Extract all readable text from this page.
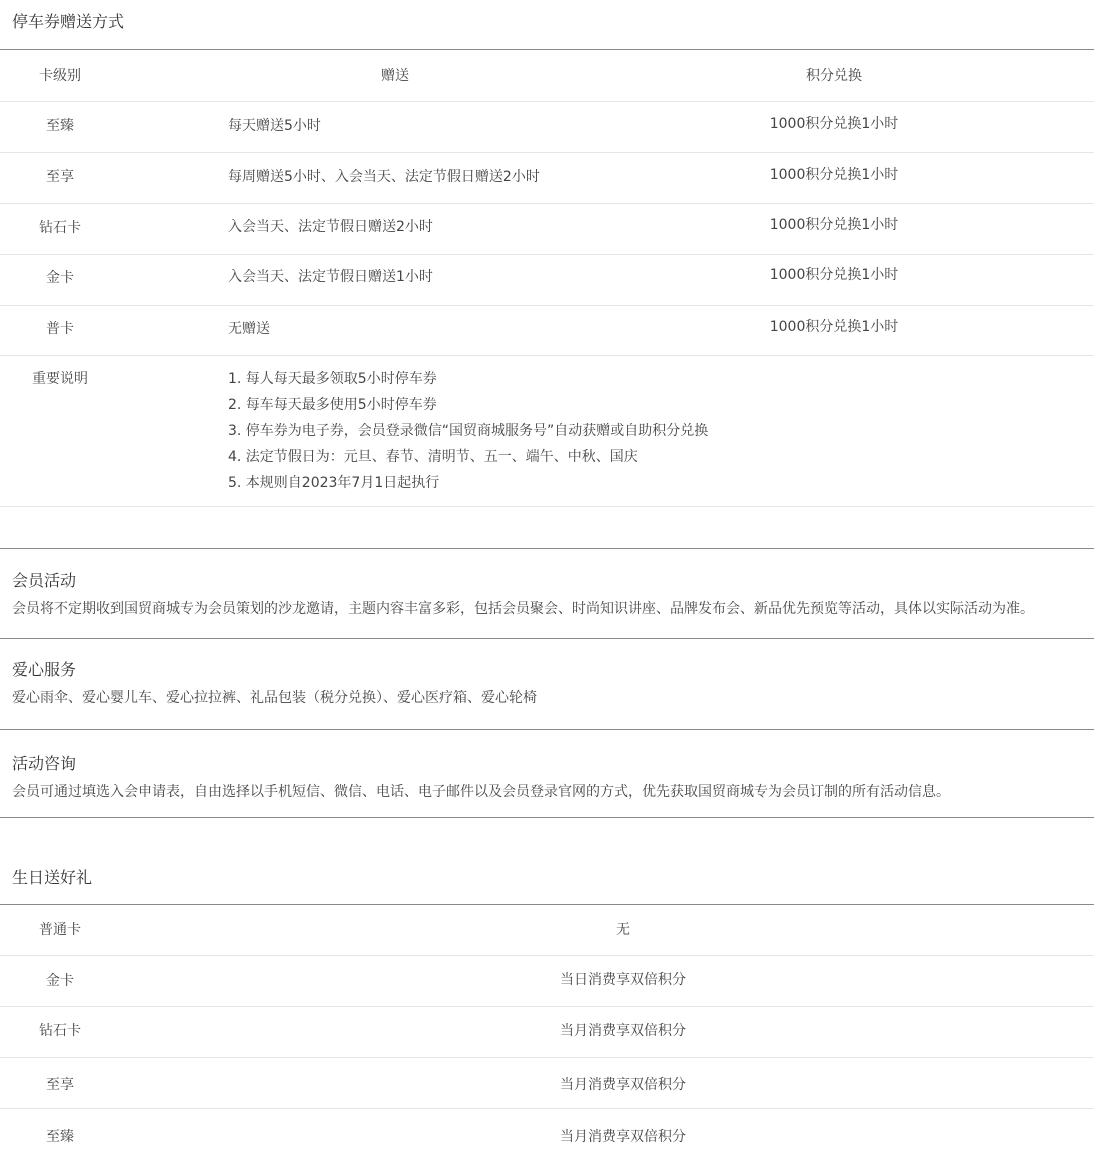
停车券赠送方式
卡级别	赠送	积分兑换
至臻	每天赠送5小时	1000积分兑换1小时
至享	每周赠送5小时、入会当天、法定节假日赠送2小时	1000积分兑换1小时
钻石卡	入会当天、法定节假日赠送2小时	1000积分兑换1小时
金卡	入会当天、法定节假日赠送1小时	1000积分兑换1小时
普卡	无赠送	1000积分兑换1小时
重要说明	1. 每人每天最多领取5小时停车券
2. 每车每天最多使用5小时停车券
3. 停车券为电子券，会员登录微信“国贸商城服务号”自动获赠或自助积分兑换
4. 法定节假日为：元旦、春节、清明节、五一、端午、中秋、国庆
5. 本规则自2023年7月1日起执行
会员活动
会员将不定期收到国贸商城专为会员策划的沙龙邀请，主题内容丰富多彩，包括会员聚会、时尚知识讲座、品牌发布会、新品优先预览等活动，具体以实际活动为准。
爱心服务
爱心雨伞、爱心婴儿车、爱心拉拉裤、礼品包装（税分兑换）、爱心医疗箱、爱心轮椅
活动咨询
会员可通过填选入会申请表，自由选择以手机短信、微信、电话、电子邮件以及会员登录官网的方式，优先获取国贸商城专为会员订制的所有活动信息。
生日送好礼
普通卡	无
金卡	当日消费享双倍积分
钻石卡	当月消费享双倍积分
至享	当月消费享双倍积分
至臻	当月消费享双倍积分
